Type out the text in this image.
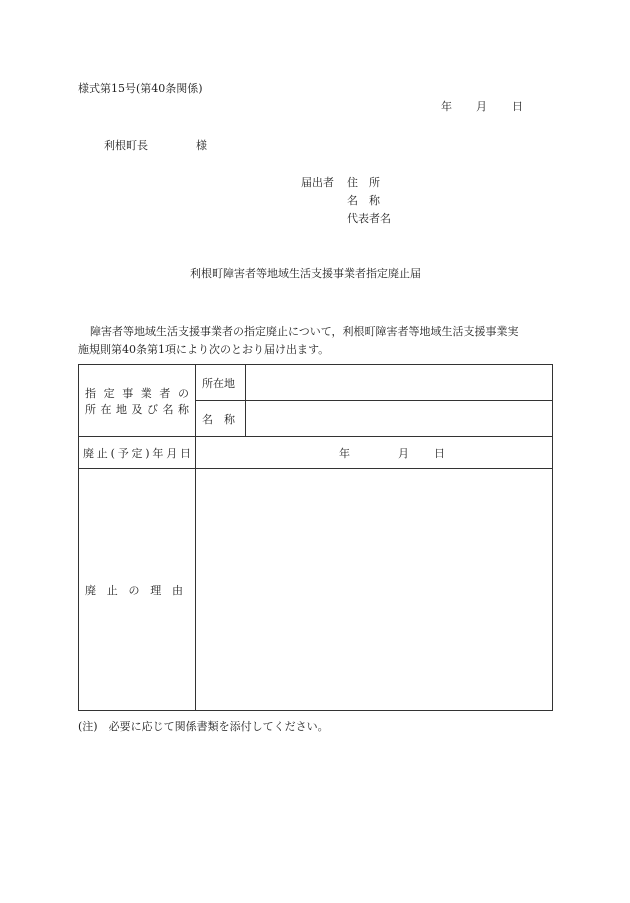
様式第15号(第40条関係)
年 月 日
利根町長	様
届出者 住　所
名　称
代表者名
利根町障害者等地域生活支援事業者指定廃止届
障害者等地域生活支援事業者の指定廃止について，利根町障害者等地域生活支援事業実
施規則第40条第1項により次のとおり届け出ます。
指定事業者の
所在地及び名称	所在地	
	名　称	

廃止(予定)年月日	年 月 日	

廃止の理由		

(注)　必要に応じて関係書類を添付してください。
